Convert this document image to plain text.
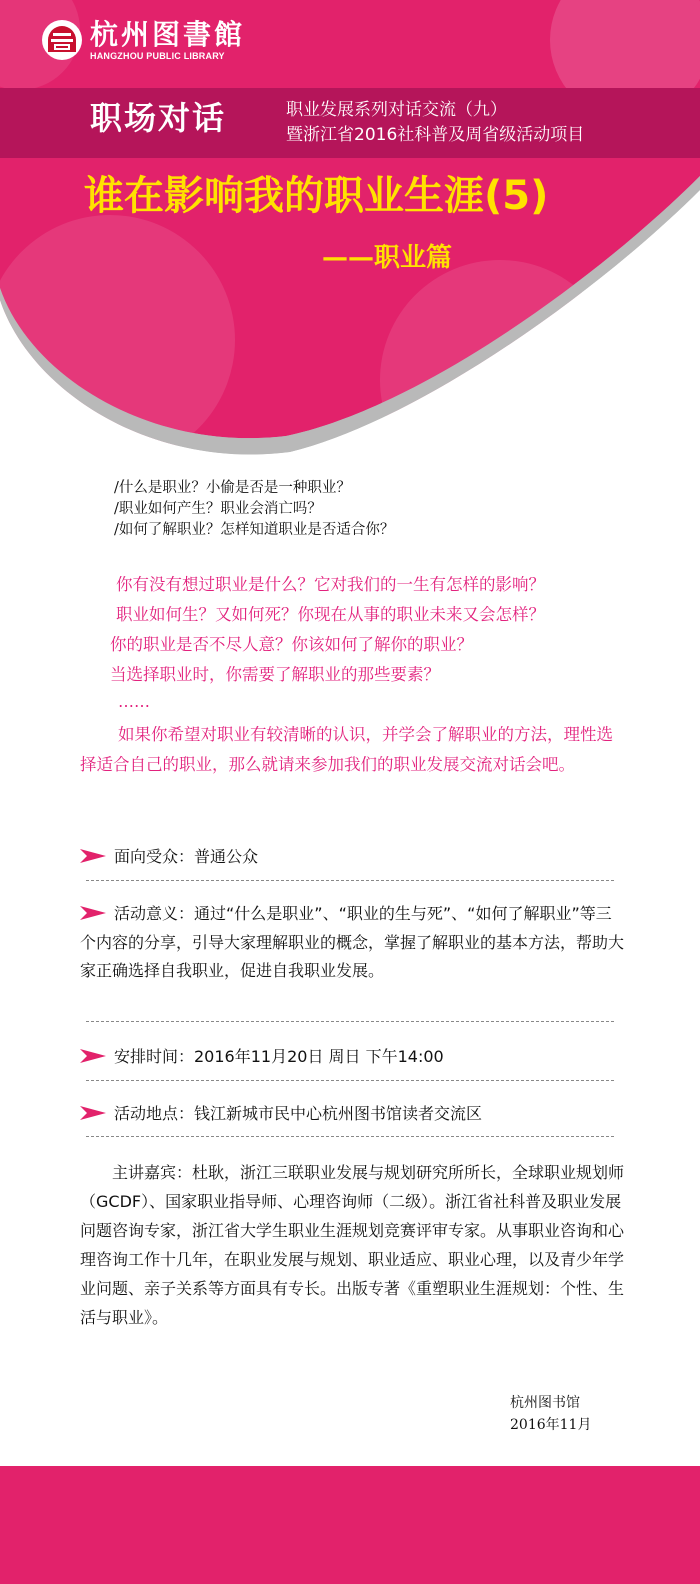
杭州图書館
HANGZHOU PUBLIC LIBRARY
职场对话	职业发展系列对话交流（九）
暨浙江省2016社科普及周省级活动项目
谁在影响我的职业生涯(5)
——职业篇
/什么是职业？小偷是否是一种职业？
/职业如何产生？职业会消亡吗？
/如何了解职业？怎样知道职业是否适合你？
你有没有想过职业是什么？它对我们的一生有怎样的影响？
职业如何生？又如何死？你现在从事的职业未来又会怎样？
你的职业是否不尽人意？你该如何了解你的职业？
当选择职业时，你需要了解职业的那些要素？
……
如果你希望对职业有较清晰的认识，并学会了解职业的方法，理性选择适合自己的职业，那么就请来参加我们的职业发展交流对话会吧。
面向受众：普通公众
活动意义：通过“什么是职业”、“职业的生与死”、“如何了解职业”等三个内容的分享，引导大家理解职业的概念，掌握了解职业的基本方法，帮助大家正确选择自我职业，促进自我职业发展。
安排时间：2016年11月20日 周日 下午14:00
活动地点：钱江新城市民中心杭州图书馆读者交流区
主讲嘉宾：杜耿，浙江三联职业发展与规划研究所所长，全球职业规划师（GCDF）、国家职业指导师、心理咨询师（二级）。浙江省社科普及职业发展问题咨询专家，浙江省大学生职业生涯规划竞赛评审专家。从事职业咨询和心理咨询工作十几年，在职业发展与规划、职业适应、职业心理，以及青少年学业问题、亲子关系等方面具有专长。出版专著《重塑职业生涯规划：个性、生活与职业》。
杭州图书馆
2016年11月
